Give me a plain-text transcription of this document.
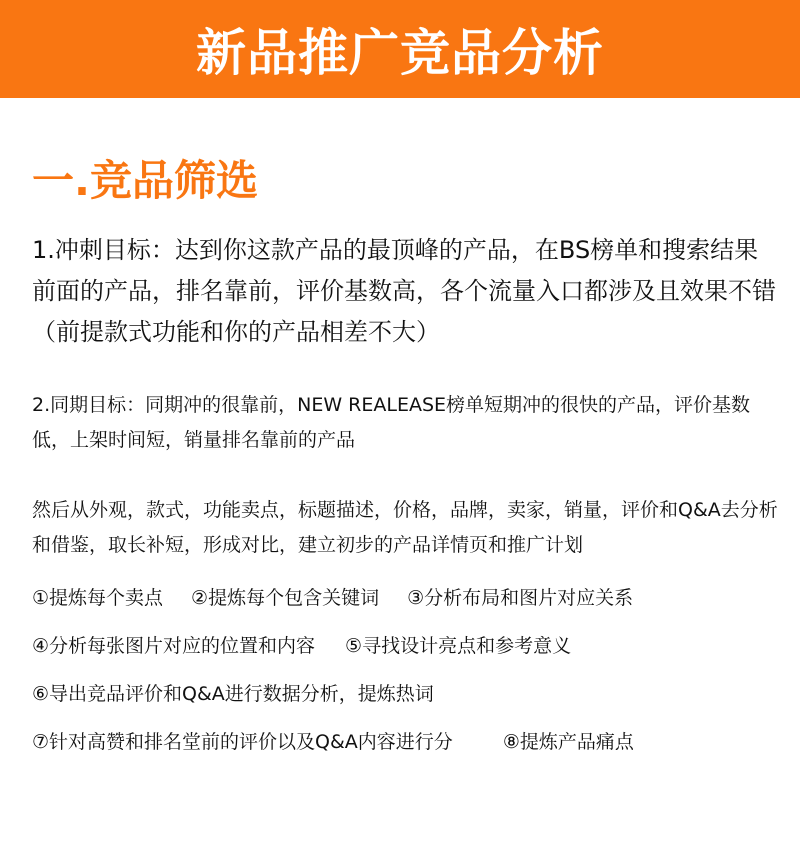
新品推广竞品分析
一.竞品筛选

1.冲刺目标：达到你这款产品的最顶峰的产品，在BS榜单和搜索结果前面的产品，排名靠前，评价基数高，各个流量入口都涉及且效果不错（前提款式功能和你的产品相差不大）

2.同期目标：同期冲的很靠前，NEW REALEASE榜单短期冲的很快的产品，评价基数低，上架时间短，销量排名靠前的产品

然后从外观，款式，功能卖点，标题描述，价格，品牌，卖家，销量，评价和Q&A去分析和借鉴，取长补短，形成对比，建立初步的产品详情页和推广计划

①提炼每个卖点 ②提炼每个包含关键词 ③分析布局和图片对应关系
④分析每张图片对应的位置和内容 ⑤寻找设计亮点和参考意义
⑥导出竞品评价和Q&A进行数据分析，提炼热词
⑦针对高赞和排名堂前的评价以及Q&A内容进行分	⑧提炼产品痛点
